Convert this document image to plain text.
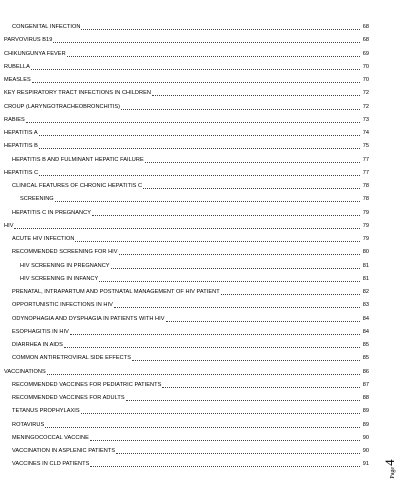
CONGENITAL INFECTION	68
PARVOVIRUS B19	68
CHIKUNGUNYA FEVER	69
RUBELLA	70
MEASLES	70
KEY RESPIRATORY TRACT INFECTIONS IN CHILDREN	72
CROUP (LARYNGOTRACHEOBRONCHITIS)	72
RABIES	73
HEPATITIS A	74
HEPATITIS B	75
HEPATITIS B AND FULMINANT HEPATIC FAILURE	77
HEPATITIS C	77
CLINICAL FEATURES OF CHRONIC HEPATITIS C	78
SCREENING	78
HEPATITIS C IN PREGNANCY	79
HIV	79
ACUTE HIV INFECTION	79
RECOMMENDED SCREENING FOR HIV	80
HIV SCREENING IN PREGNANCY	81
HIV SCREENING IN INFANCY	81
PRENATAL, INTRAPARTUM AND POSTNATAL MANAGEMENT OF HIV PATIENT	82
OPPORTUNISTIC INFECTIONS IN HIV	83
ODYNOPHAGIA AND DYSPHAGIA IN PATIENTS WITH HIV	84
ESOPHAGITIS IN HIV	84
DIARRHEA IN AIDS	85
COMMON ANTIRETROVIRAL SIDE EFFECTS	85
VACCINATIONS	86
RECOMMENDED VACCINES FOR PEDIATRIC PATIENTS	87
RECOMMENDED VACCINES FOR ADULTS	88
TETANUS PROPHYLAXIS	89
ROTAVIRUS	89
MENINGOCOCCAL VACCINE	90
VACCINATION IN ASPLENIC PATIENTS	90
VACCINES IN CLD PATIENTS	91
Page
4
